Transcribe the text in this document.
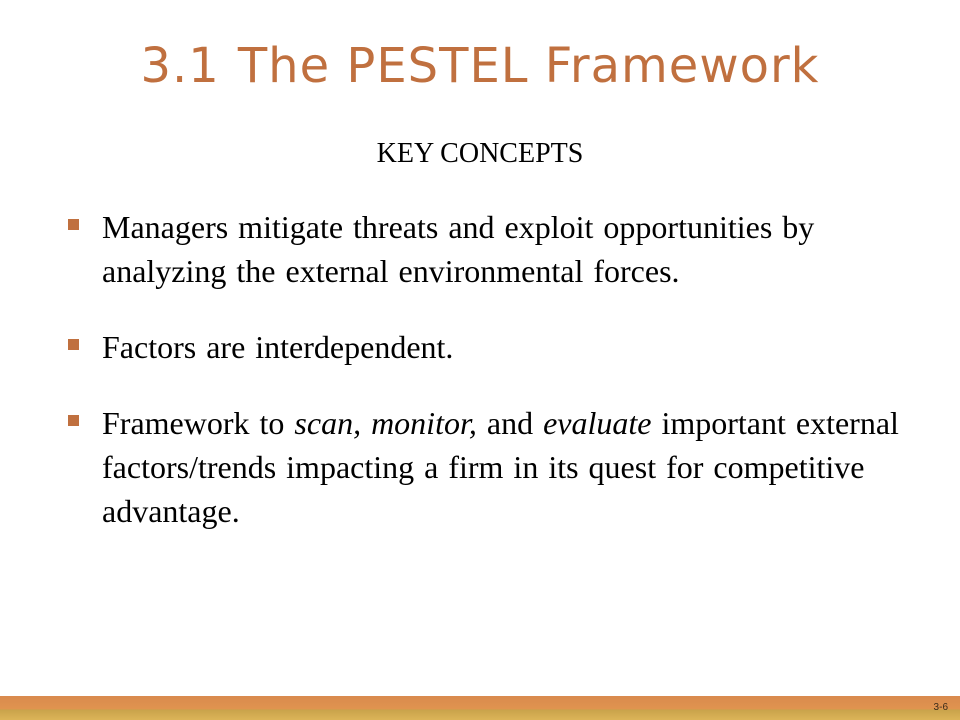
3.1 The PESTEL Framework
KEY CONCEPTS
Managers mitigate threats and exploit opportunities by analyzing the external environmental forces.
Factors are interdependent.
Framework to scan, monitor, and evaluate important external factors/trends impacting a firm in its quest for competitive advantage.
3-6
